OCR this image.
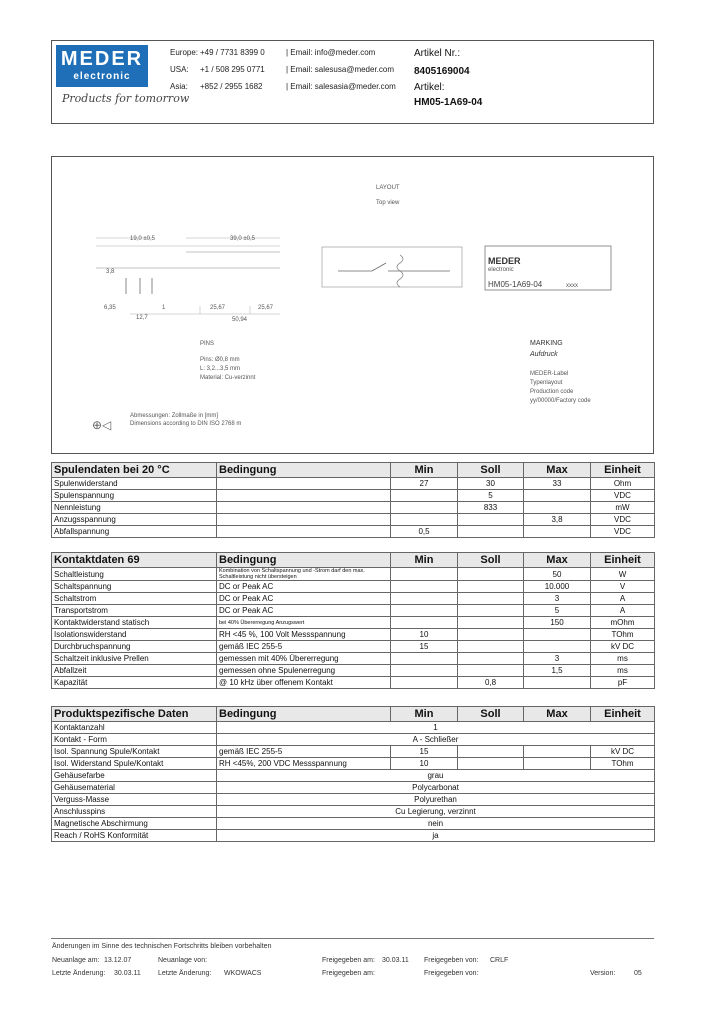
MEDER
electronic
Products for tomorrow
Europe: +49 / 7731 8399 0	| Email: info@meder.com
USA: +1 / 508 295 0771	| Email: salesusa@meder.com
Asia: +852 / 2955 1682	| Email: salesasia@meder.com
Artikel Nr.:
8405169004
Artikel:
HM05-1A69-04
LAYOUT
Top view
19,0 ±0,5	39,0 ±0,5
3,8
6,35
12,7
1	25,67	25,67
50,94
MEDER
electronic
HM05-1A69-04	xxxx
PINS
Pins: Ø0,8 mm
L: 3,2...3,5 mm
Material: Cu-verzinnt
⊕◁
Abmessungen: Zollmaße in [mm]
Dimensions according to DIN ISO 2768 m
MARKING
Aufdruck
MEDER-Label
Typenlayout
Production code
yy/00000/Factory code
Spulendaten bei 20 °C	Bedingung	Min	Soll	Max	Einheit
Spulenwiderstand		27	30	33	Ohm
Spulenspannung			5		VDC
Nennleistung			833		mW
Anzugsspannung				3,8	VDC
Abfallspannung		0,5			VDC
Kontaktdaten 69	Bedingung	Min	Soll	Max	Einheit
Schaltleistung	Kombination von Schaltspannung und -Strom darf den max. Schaltleistung nicht übersteigen			50	W
Schaltspannung	DC or Peak AC			10.000	V
Schaltstrom	DC or Peak AC			3	A
Transportstrom	DC or Peak AC			5	A
Kontaktwiderstand statisch	bei 40% Übererregung Anzugswert			150	mOhm
Isolationswiderstand	RH <45 %, 100 Volt Messspannung	10			TOhm
Durchbruchspannung	gemäß IEC 255-5	15			kV DC
Schaltzeit inklusive Prellen	gemessen mit 40% Übererregung			3	ms
Abfallzeit	gemessen ohne Spulenerregung			1,5	ms
Kapazität	@ 10 kHz über offenem Kontakt		0,8		pF
Produktspezifische Daten	Bedingung	Min	Soll	Max	Einheit
Kontaktanzahl	1				
Kontakt - Form	A - Schließer				
Isol. Spannung Spule/Kontakt	gemäß IEC 255-5	15			kV DC
Isol. Widerstand Spule/Kontakt	RH <45%, 200 VDC Messspannung	10			TOhm
Gehäusefarbe	grau				
Gehäusematerial	Polycarbonat				
Verguss-Masse	Polyurethan				
Anschlusspins	Cu Legierung, verzinnt				
Magnetische Abschirmung	nein				
Reach / RoHS Konformität	ja				
Änderungen im Sinne des technischen Fortschritts bleiben vorbehalten
Neuanlage am: 13.12.07	Neuanlage von:	Freigegeben am: 30.03.11 Freigegeben von: CRLF
Letzte Änderung: 30.03.11 Letzte Änderung: WKOWACS	Freigegeben am:	Freigegeben von:	Version:	05
